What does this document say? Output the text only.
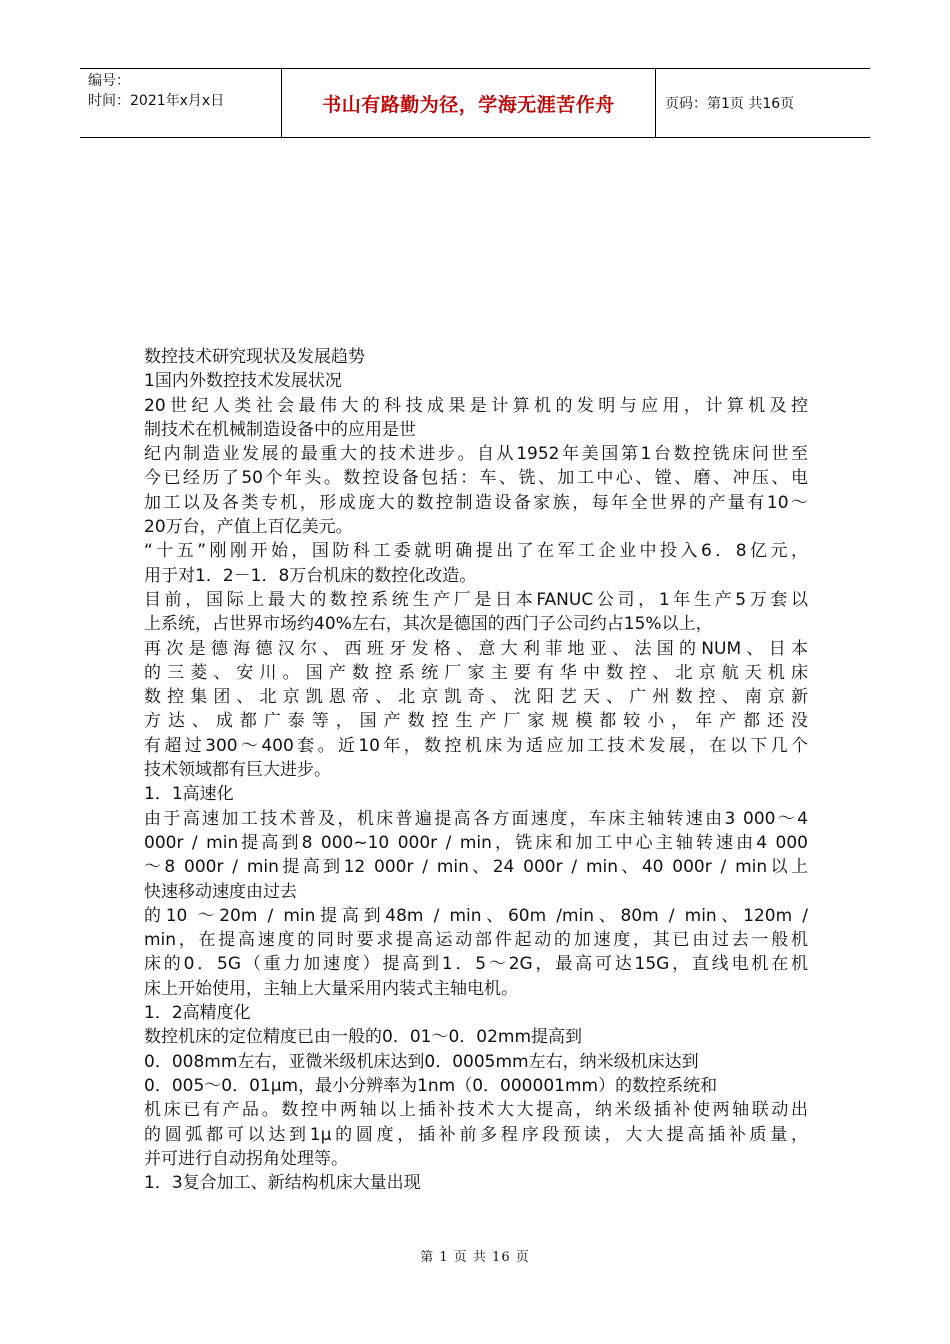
编号：
时间：2021年x月x日	书山有路勤为径，学海无涯苦作舟	页码：第1页 共16页

数控技术研究现状及发展趋势

1国内外数控技术发展状况

20世纪人类社会最伟大的科技成果是计算机的发明与应用，计算机及控

制技术在机械制造设备中的应用是世

纪内制造业发展的最重大的技术进步。自从1952年美国第1台数控铣床问世至

今已经历了50个年头。数控设备包括：车、铣、加工中心、镗、磨、冲压、电

加工以及各类专机，形成庞大的数控制造设备家族，每年全世界的产量有10～

20万台，产值上百亿美元。

“十五”刚刚开始，国防科工委就明确提出了在军工企业中投入6．8亿元，

用于对1．2－1．8万台机床的数控化改造。

目前，国际上最大的数控系统生产厂是日本FANUC公司，1年生产5万套以

上系统，占世界市场约40%左右，其次是德国的西门子公司约占15%以上，

再次是德海德汉尔、西班牙发格、意大利菲地亚、法国的NUM、日本

的三菱、安川。国产数控系统厂家主要有华中数控、北京航天机床

数控集团、北京凯恩帝、北京凯奇、沈阳艺天、广州数控、南京新

方达、成都广泰等，国产数控生产厂家规模都较小，年产都还没

有超过300～400套。近10年，数控机床为适应加工技术发展，在以下几个

技术领域都有巨大进步。

1．1高速化

由于高速加工技术普及，机床普遍提高各方面速度，车床主轴转速由3 000～4

000r / min提高到8 000~10 000r / min，铣床和加工中心主轴转速由4 000

～8 000r / min提高到12 000r / min、24 000r / min、40 000r / min以上

快速移动速度由过去

的10 ～20m / min提高到48m / min、60m /min、80m / min、120m /

min，在提高速度的同时要求提高运动部件起动的加速度，其已由过去一般机

床的0．5G（重力加速度）提高到1．5～2G，最高可达15G，直线电机在机

床上开始使用，主轴上大量采用内装式主轴电机。

1．2高精度化

数控机床的定位精度已由一般的0．01～0．02mm提高到

0．008mm左右，亚微米级机床达到0．0005mm左右，纳米级机床达到

0．005～0．01μm，最小分辨率为1nm（0．000001mm）的数控系统和

机床已有产品。数控中两轴以上插补技术大大提高，纳米级插补使两轴联动出

的圆弧都可以达到1μ的圆度，插补前多程序段预读，大大提高插补质量，

并可进行自动拐角处理等。

1．3复合加工、新结构机床大量出现

第 1 页 共 16 页
